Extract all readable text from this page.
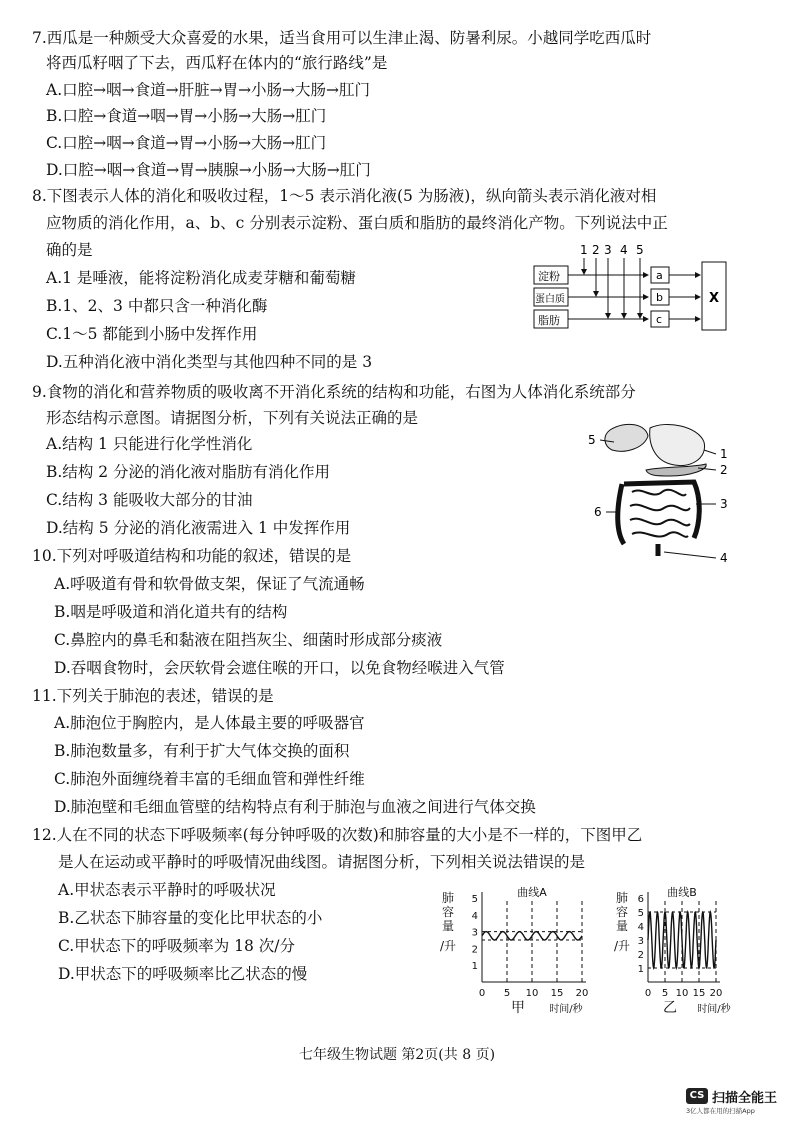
7.西瓜是一种颇受大众喜爱的水果，适当食用可以生津止渴、防暑利尿。小越同学吃西瓜时
将西瓜籽咽了下去，西瓜籽在体内的“旅行路线”是
A.口腔→咽→食道→肝脏→胃→小肠→大肠→肛门
B.口腔→食道→咽→胃→小肠→大肠→肛门
C.口腔→咽→食道→胃→小肠→大肠→肛门
D.口腔→咽→食道→胃→胰腺→小肠→大肠→肛门
8.下图表示人体的消化和吸收过程，1～5 表示消化液(5 为肠液)，纵向箭头表示消化液对相
应物质的消化作用，a、b、c 分别表示淀粉、蛋白质和脂肪的最终消化产物。下列说法中正
确的是
A.1 是唾液，能将淀粉消化成麦芽糖和葡萄糖
B.1、2、3 中都只含一种消化酶
C.1～5 都能到小肠中发挥作用
D.五种消化液中消化类型与其他四种不同的是 3
1 2 3 4 5
淀粉
蛋白质
脂肪
a
b
c
X
9.食物的消化和营养物质的吸收离不开消化系统的结构和功能，右图为人体消化系统部分
形态结构示意图。请据图分析，下列有关说法正确的是
A.结构 1 只能进行化学性消化
B.结构 2 分泌的消化液对脂肪有消化作用
C.结构 3 能吸收大部分的甘油
D.结构 5 分泌的消化液需进入 1 中发挥作用
1
2
3
4
5
6
10.下列对呼吸道结构和功能的叙述，错误的是
A.呼吸道有骨和软骨做支架，保证了气流通畅
B.咽是呼吸道和消化道共有的结构
C.鼻腔内的鼻毛和黏液在阻挡灰尘、细菌时形成部分痰液
D.吞咽食物时，会厌软骨会遮住喉的开口，以免食物经喉进入气管
11.下列关于肺泡的表述，错误的是
A.肺泡位于胸腔内，是人体最主要的呼吸器官
B.肺泡数量多，有利于扩大气体交换的面积
C.肺泡外面缠绕着丰富的毛细血管和弹性纤维
D.肺泡壁和毛细血管壁的结构特点有利于肺泡与血液之间进行气体交换
12.人在不同的状态下呼吸频率(每分钟呼吸的次数)和肺容量的大小是不一样的，下图甲乙
是人在运动或平静时的呼吸情况曲线图。请据图分析，下列相关说法错误的是
A.甲状态表示平静时的呼吸状况
B.乙状态下肺容量的变化比甲状态的小
C.甲状态下的呼吸频率为 18 次/分
D.甲状态下的呼吸频率比乙状态的慢
肺
容
量
/升
曲线A
1
2
3
4
5
0 5 10 15 20
甲 时间/秒
肺
容
量
/升
曲线B
1
2
3
4
5
6
0 5 10 15 20
乙 时间/秒
七年级生物试题 第2页(共 8 页)
CS 扫描全能王
3亿人都在用的扫描App
